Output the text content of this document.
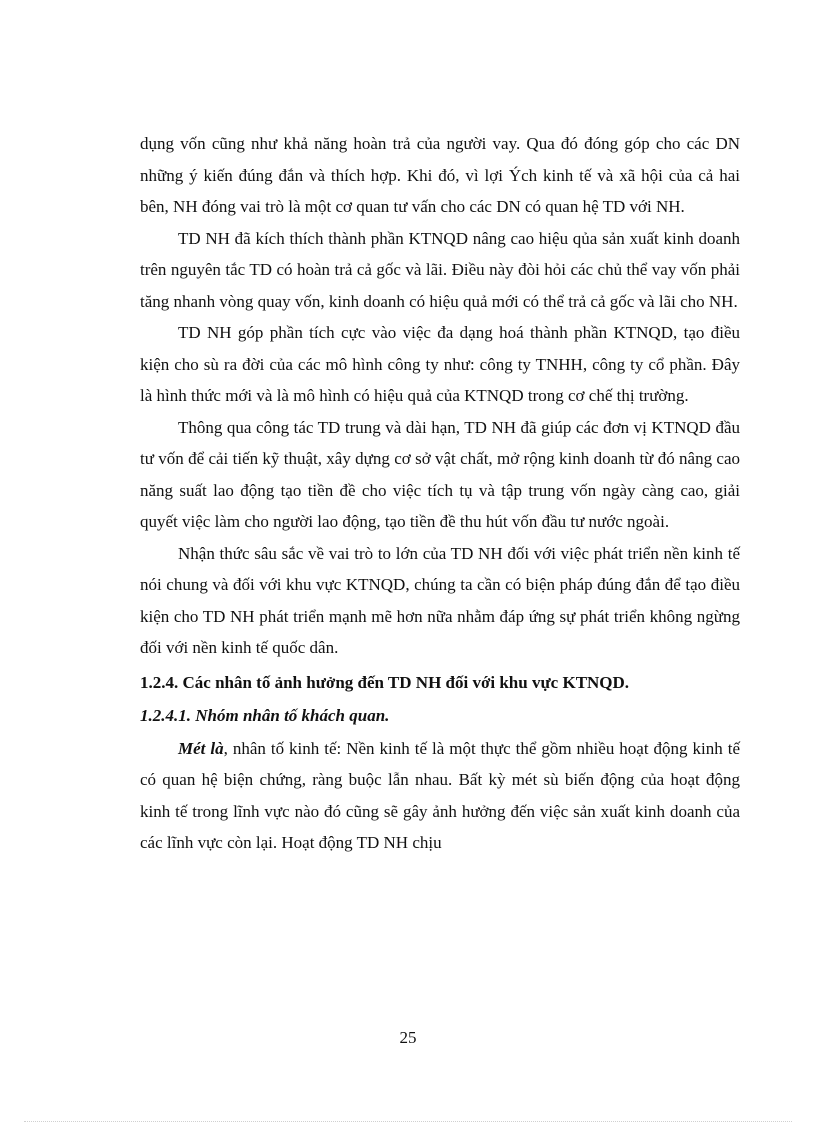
dụng vốn cũng như khả năng hoàn trả của người vay. Qua đó đóng góp cho các DN những ý kiến đúng đắn và thích hợp. Khi đó, vì lợi Ých kinh tế và xã hội của cả hai bên, NH đóng vai trò là một cơ quan tư vấn cho các DN có quan hệ TD với NH.

TD NH đã kích thích thành phần KTNQD nâng cao hiệu qủa sản xuất kinh doanh trên nguyên tắc TD có hoàn trả cả gốc và lãi. Điều này đòi hỏi các chủ thể vay vốn phải tăng nhanh vòng quay vốn, kinh doanh có hiệu quả mới có thể trả cả gốc và lãi cho NH.

TD NH góp phần tích cực vào việc đa dạng hoá thành phần KTNQD, tạo điều kiện cho sù ra đời của các mô hình công ty như: công ty TNHH, công ty cổ phần. Đây là hình thức mới và là mô hình có hiệu quả của KTNQD trong cơ chế thị trường.

Thông qua công tác TD trung và dài hạn, TD NH đã giúp các đơn vị KTNQD đầu tư vốn để cải tiến kỹ thuật, xây dựng cơ sở vật chất, mở rộng kinh doanh từ đó nâng cao năng suất lao động tạo tiền đề cho việc tích tụ và tập trung vốn ngày càng cao, giải quyết việc làm cho người lao động, tạo tiền đề thu hút vốn đầu tư nước ngoài.

Nhận thức sâu sắc về vai trò to lớn của TD NH đối với việc phát triển nền kinh tế nói chung và đối với khu vực KTNQD, chúng ta cần có biện pháp đúng đắn để tạo điều kiện cho TD NH phát triển mạnh mẽ hơn nữa nhằm đáp ứng sự phát triển không ngừng đối với nền kinh tế quốc dân.

1.2.4. Các nhân tố ảnh hưởng đến TD NH đối với khu vực KTNQD.
1.2.4.1. Nhóm nhân tố khách quan.

Mét là, nhân tố kinh tế: Nền kinh tế là một thực thể gồm nhiều hoạt động kinh tế có quan hệ biện chứng, ràng buộc lẫn nhau. Bất kỳ mét sù biến động của hoạt động kinh tế trong lĩnh vực nào đó cũng sẽ gây ảnh hưởng đến việc sản xuất kinh doanh của các lĩnh vực còn lại. Hoạt động TD NH chịu

25
